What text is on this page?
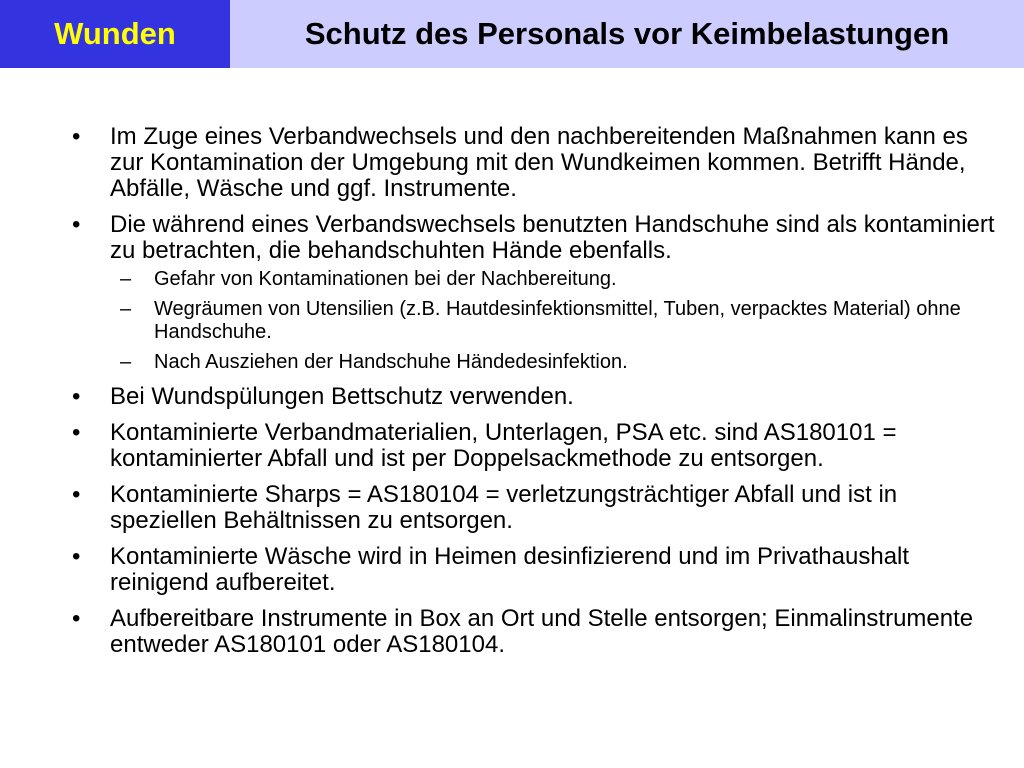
Wunden	Schutz des Personals vor Keimbelastungen
• Im Zuge eines Verbandwechsels und den nachbereitenden Maßnahmen kann es zur Kontamination der Umgebung mit den Wundkeimen kommen. Betrifft Hände, Abfälle, Wäsche und ggf. Instrumente.
• Die während eines Verbandswechsels benutzten Handschuhe sind als kontaminiert zu betrachten, die behandschuhten Hände ebenfalls.
– Gefahr von Kontaminationen bei der Nachbereitung.
– Wegräumen von Utensilien (z.B. Hautdesinfektionsmittel, Tuben, verpacktes Material) ohne Handschuhe.
– Nach Ausziehen der Handschuhe Händedesinfektion.
• Bei Wundspülungen Bettschutz verwenden.
• Kontaminierte Verbandmaterialien, Unterlagen, PSA etc. sind AS180101 = kontaminierter Abfall und ist per Doppelsackmethode zu entsorgen.
• Kontaminierte Sharps = AS180104 = verletzungsträchtiger Abfall und ist in speziellen Behältnissen zu entsorgen.
• Kontaminierte Wäsche wird in Heimen desinfizierend und im Privathaushalt reinigend aufbereitet.
• Aufbereitbare Instrumente in Box an Ort und Stelle entsorgen; Einmalinstrumente entweder AS180101 oder AS180104.
